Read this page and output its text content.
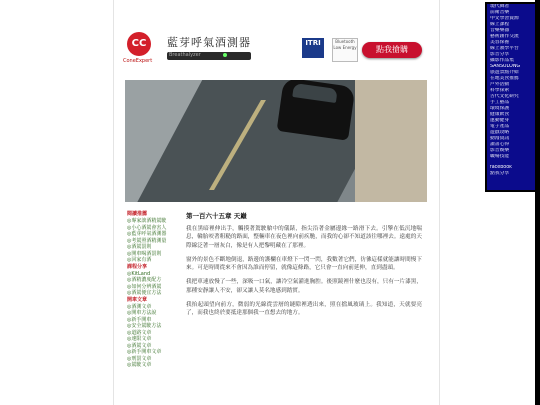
CC
ConeExpert
藍芽呼氣酒測器
Breathalyzer
ITRI	Bluetooth Low Energy	點我搶購
閱讀推薦
◎專家談酒精駕駛
◎小心酒駕會害人
◎藍芽呼氣酒測器
◎考駕照酒精測量
◎酒駕罰則
◎開車喝酒罰則
◎回家有酒
課程分享
◎KitLand
◎酒精濃度配方
◎如何分辨酒駕
◎酒駕便宜方法
開車文章
◎酒測文章
◎開車方法說
◎新手開車
◎安全駕駛方法
◎道路文章
◎速限文章
◎酒駕文章
◎新手開車文章
◎刑罰文章
◎駕駛文章
第一百六十五章 天巔

我在黑暗裡伸出手，觸摸著駕駛艙中的儀錶，指尖沿著金屬邊緣一路滑下去。引擎在低沉地喘息，輪胎咬著粗糙的路面，整輛車在夜色裡向前疾馳，而我的心卻不知道該往哪裡去。遠處的天際線泛著一層灰白，像是有人把黎明藏在了那裡。

窗外的景色不斷地倒退，路邊的護欄在車燈下一閃一閃，我數著它們，彷彿這樣就能讓時間慢下來。可是時間從來不會因為誰而停留，就像這條路，它只會一直向前延伸，直到盡頭。

我把車速放慢了一些，深吸一口氣，讓冷空氣灌進胸腔。後照鏡裡什麼也沒有，只有一片漆黑，那種安靜讓人不安，卻又讓人莫名地感到踏實。

我抬起頭望向前方，微弱的光線從雲層的縫隙裡透出來，照在擋風玻璃上。我知道，天就要亮了，而我也終於要抵達那個我一直想去的地方。

現代舞者
前衛音樂
中文學習資源
線上課程
音樂樂器
藝術創作交流
美容保養
線上教學平台
影音分享
攝影作品集
SANSULONG
旅遊景點介紹
在地美食推薦
戶外活動
科學探索
古代文化研究
手工藝品
環境保護
健康飲食
運動健身
電子產品
遊戲攻略
動漫資訊
讀書心得
影音娛樂
職場技能
facebook
點我分享
